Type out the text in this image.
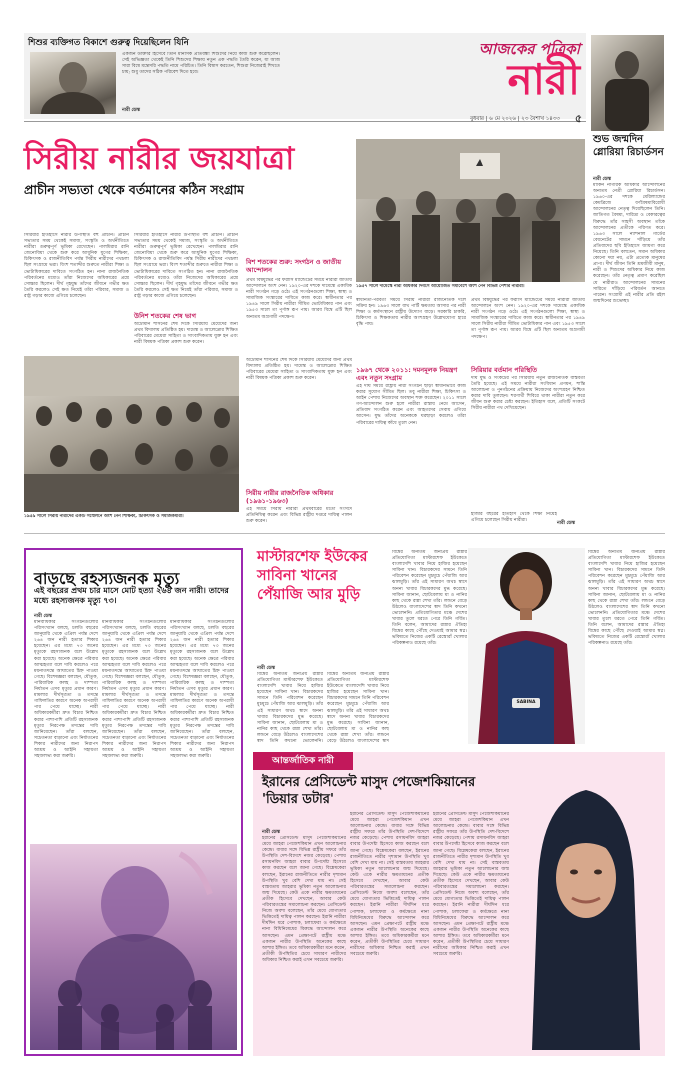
শিশুর ব্যক্তিগত বিকাশে গুরুত্ব দিয়েছিলেন যিনি
একজন ডাক্তার হিসেবে তিনি মানসিক প্রতিবন্ধী শিশুদের নিয়ে কাজ শুরু করেছিলেন। সেই অভিজ্ঞতা থেকেই তিনি শিশুদের শিক্ষায় নতুন এক পদ্ধতি তৈরি করেন, যা আজ সারা বিশ্বে মন্তেসরি পদ্ধতি নামে পরিচিত। তিনি বিশ্বাস করতেন, শিশুরা নিজেরাই শিখতে চায়; শুধু তাদের সঠিক পরিবেশ দিতে হবে।
নারী ডেস্ক
আজকের পত্রিকা
নারী
বুধবার | ৬ মে ২০২৬ | ২৩ বৈশাখ ১৪৩৩	৫
সিরীয় নারীর জয়যাত্রা
প্রাচীন সভ্যতা থেকে বর্তমানের কঠিন সংগ্রাম
১৯৫৭ সালে দামেস্কে নারী অধিকার দিবসে আয়োজিত সমাবেশে অংশ নেন বিভিন্ন পেশার নারীরা।
শুভ জন্মদিন গ্লোরিয়া রিচার্ডসন
নারী ডেস্ক
মার্কিন নাগরিক অধিকার আন্দোলনের অন্যতম নেত্রী গ্লোরিয়া রিচার্ডসন। ১৯৬০-এর দশকে মেরিল্যান্ডের কেমব্রিজে বর্ণবৈষম্যবিরোধী আন্দোলনের নেতৃত্ব দিয়েছিলেন তিনি। জাতিগত বৈষম্য, দারিদ্র্য ও বেকারত্বের বিরুদ্ধে তাঁর সাহসী অবস্থান তাঁকে আন্দোলনের প্রতীকে পরিণত করে। ১৯৬৩ সালে ন্যাশনাল গার্ডের বেয়নেটের সামনে দাঁড়িয়ে তাঁর প্রতিবাদের ছবি ইতিহাসে জায়গা করে নিয়েছে। তিনি বলতেন, সমান অধিকার কোনো দয়া নয়, এটা প্রত্যেক মানুষের প্রাপ্য। দীর্ঘ জীবন তিনি শ্রমজীবী মানুষ, নারী ও শিশুদের অধিকার নিয়ে কাজ করেছেন। তাঁর নেতৃত্ব প্রমাণ করেছিল যে নারীরাও আন্দোলনের সামনের সারিতে দাঁড়িয়ে পরিবর্তন আনতে পারেন। সংগ্রামী এই নারীর প্রতি রইল জন্মদিনের শুভেচ্ছা।
সিরিয়ার ইতিহাসে নারীর উপস্থিতি বহু প্রাচীন। প্রাচীন সভ্যতার সময় থেকেই সমাজ, সংস্কৃতি ও অর্থনীতিতে নারীরা গুরুত্বপূর্ণ ভূমিকা রেখেছেন। পালমিরার রানি জেনোবিয়া থেকে শুরু করে আধুনিক যুগের শিক্ষিকা, চিকিৎসক ও রাজনীতিবিদ পর্যন্ত সিরীয় নারীদের পথচলা ছিল সংগ্রামে ভরা। বিংশ শতাব্দীর শুরুতে নারীরা শিক্ষা ও ভোটাধিকারের দাবিতে সংগঠিত হন। নানা রাজনৈতিক পরিবর্তনের মধ্যেও তাঁরা নিজেদের অধিকারের প্রশ্নে সোচ্চার ছিলেন। দীর্ঘ গৃহযুদ্ধ তাঁদের জীবনে গভীর ক্ষত তৈরি করলেও সেই ক্ষত নিয়েই তাঁরা পরিবার, সমাজ ও রাষ্ট্র গড়ার কাজে এগিয়ে চলেছেন।
সিরিয়ার ইতিহাসে নারীর উপস্থিতি বহু প্রাচীন। প্রাচীন সভ্যতার সময় থেকেই সমাজ, সংস্কৃতি ও অর্থনীতিতে নারীরা গুরুত্বপূর্ণ ভূমিকা রেখেছেন। পালমিরার রানি জেনোবিয়া থেকে শুরু করে আধুনিক যুগের শিক্ষিকা, চিকিৎসক ও রাজনীতিবিদ পর্যন্ত সিরীয় নারীদের পথচলা ছিল সংগ্রামে ভরা। বিংশ শতাব্দীর শুরুতে নারীরা শিক্ষা ও ভোটাধিকারের দাবিতে সংগঠিত হন। নানা রাজনৈতিক পরিবর্তনের মধ্যেও তাঁরা নিজেদের অধিকারের প্রশ্নে সোচ্চার ছিলেন। দীর্ঘ গৃহযুদ্ধ তাঁদের জীবনে গভীর ক্ষত তৈরি করলেও সেই ক্ষত নিয়েই তাঁরা পরিবার, সমাজ ও রাষ্ট্র গড়ার কাজে এগিয়ে চলেছেন।
উনিশ শতকের শেষ ভাগ
অটোমান শাসনের শেষ দিকে সিরিয়ায় মেয়েদের জন্য প্রথম বিদ্যালয় প্রতিষ্ঠিত হয়। দামেস্ক ও আলেপ্পোর শিক্ষিত পরিবারের মেয়েরা সাহিত্য ও সাংবাদিকতায় যুক্ত হন এবং নারী বিষয়ক পত্রিকা প্রকাশ শুরু করেন।
বিশ শতকের শুরু: সংগঠন ও জাতীয় আন্দোলন
প্রথম বিশ্বযুদ্ধের পর ফরাসি ম্যান্ডেটের সময়ে নারীরা জাতীয় আন্দোলনে অংশ নেন। ১৯২০-এর দশকে দামেস্কে একাধিক নারী সংগঠন গড়ে ওঠে। এই সংগঠনগুলো শিক্ষা, স্বাস্থ্য ও সামাজিক সংস্কারের দাবিতে কাজ করে। স্বাধীনতার পর ১৯৪৯ সালে সিরীয় নারীরা সীমিত ভোটাধিকার পান এবং ১৯৫৩ সালে তা পূর্ণাঙ্গ রূপ পায়। আরব বিশ্বে এটি ছিল অন্যতম অগ্রগামী পদক্ষেপ।
১৯৫৯ সালে সিরীয় নারীদের একটি সম্মেলনে অংশ নেন শিক্ষিকা, চিকিৎসক ও সমাজকর্মীরা।
অটোমান শাসনের শেষ দিকে সিরিয়ায় মেয়েদের জন্য প্রথম বিদ্যালয় প্রতিষ্ঠিত হয়। দামেস্ক ও আলেপ্পোর শিক্ষিত পরিবারের মেয়েরা সাহিত্য ও সাংবাদিকতায় যুক্ত হন এবং নারী বিষয়ক পত্রিকা প্রকাশ শুরু করেন।
সিরীয় নারীর রাজনৈতিক অধিকার (১৯৬১-১৯৬৩)
এই সময়ে সিরীয় নারীরা প্রথমবারের মতো সংসদে প্রতিনিধিত্ব করেন এবং বিভিন্ন রাষ্ট্রীয় দপ্তরে দায়িত্ব পালন শুরু করেন।
স্বাধীনতা-পরবর্তী সময়ে সিরীয় নারীরা রাজনৈতিক দলে সক্রিয় হন। ১৯৬৩ সালে বাথ পার্টি ক্ষমতায় আসার পর নারী শিক্ষা ও কর্মসংস্থানে রাষ্ট্রীয় উদ্যোগ বাড়ে। সরকারি চাকরি, চিকিৎসা ও শিক্ষকতায় নারীর অংশগ্রহণ উল্লেখযোগ্য হারে বৃদ্ধি পায়।
১৯৬৭ থেকে ২০১১: দমনমূলক নিয়ন্ত্রণ এবং নতুন সংগ্রাম
এই দীর্ঘ সময়ে রাষ্ট্রীয় নারী সংগঠন ছাড়া স্বাধীনভাবে কাজ করার সুযোগ সীমিত ছিল। তবু নারীরা শিক্ষা, চিকিৎসা ও আইন পেশায় নিজেদের অবস্থান শক্ত করেছেন। ২০১১ সালে গণ-আন্দোলন শুরু হলে নারীরা রাস্তায় নেমে আসেন, প্রতিবাদ সংগঠিত করেন এবং আহতদের সেবায় এগিয়ে আসেন। যুদ্ধ তাঁদের অনেককে ঘরছাড়া করলেও তাঁরা পরিবারের দায়িত্ব কাঁধে তুলে নেন।
প্রথম বিশ্বযুদ্ধের পর ফরাসি ম্যান্ডেটের সময়ে নারীরা জাতীয় আন্দোলনে অংশ নেন। ১৯২০-এর দশকে দামেস্কে একাধিক নারী সংগঠন গড়ে ওঠে। এই সংগঠনগুলো শিক্ষা, স্বাস্থ্য ও সামাজিক সংস্কারের দাবিতে কাজ করে। স্বাধীনতার পর ১৯৪৯ সালে সিরীয় নারীরা সীমিত ভোটাধিকার পান এবং ১৯৫৩ সালে তা পূর্ণাঙ্গ রূপ পায়। আরব বিশ্বে এটি ছিল অন্যতম অগ্রগামী পদক্ষেপ।
সিরিয়ার বর্তমান পরিস্থিতি
দীর্ঘ যুদ্ধ ও সংকটের পর সিরিয়ায় নতুন রাজনৈতিক বাস্তবতা তৈরি হয়েছে। এই সময়ে নারীরা সংবিধান প্রণয়ন, শান্তি আলোচনা ও পুনর্গঠনের প্রক্রিয়ায় নিজেদের অংশগ্রহণ নিশ্চিত করার দাবি তুলছেন। শরণার্থী শিবিরে থাকা নারীরা নতুন করে জীবন শুরু করার চেষ্টা করছেন। ইতিহাস বলে, প্রতিটি সংকটে সিরীয় নারীরা পথ দেখিয়েছেন।
হাজার বছরের ইতিহাস থেকে শিক্ষা নিয়েই এগিয়ে চলেছেন সিরীয় নারীরা।
নারী ডেস্ক
বাড়ছে রহস্যজনক মৃত্যু
এই বছরের প্রথম চার মাসে মোট হত্যা ২৬৪ জন নারী। তাদের মধ্যে রহস্যজনক মৃত্যু ৭৩।
নারী ডেস্ক
মানবাধিকার সংগঠনগুলোর পরিসংখ্যান বলছে, চলতি বছরের জানুয়ারি থেকে এপ্রিল পর্যন্ত দেশে ২৬৪ জন নারী হত্যার শিকার হয়েছেন। এর মধ্যে ৭৩ জনের মৃত্যুকে রহস্যজনক বলে উল্লেখ করা হয়েছে। অনেক ক্ষেত্রে পরিবার আত্মহত্যা বলে দাবি করলেও পরে ময়নাতদন্তে আঘাতের চিহ্ন পাওয়া গেছে। বিশেষজ্ঞরা বলছেন, যৌতুক, পারিবারিক কলহ ও দাম্পত্য নির্যাতন এসব মৃত্যুর প্রধান কারণ। মামলার দীর্ঘসূত্রতা ও তদন্তে গাফিলতির কারণে অনেক অপরাধী পার পেয়ে যাচ্ছে। নারী অধিকারকর্মীরা দ্রুত বিচার নিশ্চিত করার পাশাপাশি প্রতিটি রহস্যজনক মৃত্যুর নিরপেক্ষ তদন্তের দাবি জানিয়েছেন। তাঁরা বলছেন, সচেতনতা বাড়ানো এবং নির্যাতনের শিকার নারীদের জন্য নিরাপদ আশ্রয় ও আইনি সহায়তা সহজলভ্য করা জরুরি।
মানবাধিকার সংগঠনগুলোর পরিসংখ্যান বলছে, চলতি বছরের জানুয়ারি থেকে এপ্রিল পর্যন্ত দেশে ২৬৪ জন নারী হত্যার শিকার হয়েছেন। এর মধ্যে ৭৩ জনের মৃত্যুকে রহস্যজনক বলে উল্লেখ করা হয়েছে। অনেক ক্ষেত্রে পরিবার আত্মহত্যা বলে দাবি করলেও পরে ময়নাতদন্তে আঘাতের চিহ্ন পাওয়া গেছে। বিশেষজ্ঞরা বলছেন, যৌতুক, পারিবারিক কলহ ও দাম্পত্য নির্যাতন এসব মৃত্যুর প্রধান কারণ। মামলার দীর্ঘসূত্রতা ও তদন্তে গাফিলতির কারণে অনেক অপরাধী পার পেয়ে যাচ্ছে। নারী অধিকারকর্মীরা দ্রুত বিচার নিশ্চিত করার পাশাপাশি প্রতিটি রহস্যজনক মৃত্যুর নিরপেক্ষ তদন্তের দাবি জানিয়েছেন। তাঁরা বলছেন, সচেতনতা বাড়ানো এবং নির্যাতনের শিকার নারীদের জন্য নিরাপদ আশ্রয় ও আইনি সহায়তা সহজলভ্য করা জরুরি।
মানবাধিকার সংগঠনগুলোর পরিসংখ্যান বলছে, চলতি বছরের জানুয়ারি থেকে এপ্রিল পর্যন্ত দেশে ২৬৪ জন নারী হত্যার শিকার হয়েছেন। এর মধ্যে ৭৩ জনের মৃত্যুকে রহস্যজনক বলে উল্লেখ করা হয়েছে। অনেক ক্ষেত্রে পরিবার আত্মহত্যা বলে দাবি করলেও পরে ময়নাতদন্তে আঘাতের চিহ্ন পাওয়া গেছে। বিশেষজ্ঞরা বলছেন, যৌতুক, পারিবারিক কলহ ও দাম্পত্য নির্যাতন এসব মৃত্যুর প্রধান কারণ। মামলার দীর্ঘসূত্রতা ও তদন্তে গাফিলতির কারণে অনেক অপরাধী পার পেয়ে যাচ্ছে। নারী অধিকারকর্মীরা দ্রুত বিচার নিশ্চিত করার পাশাপাশি প্রতিটি রহস্যজনক মৃত্যুর নিরপেক্ষ তদন্তের দাবি জানিয়েছেন। তাঁরা বলছেন, সচেতনতা বাড়ানো এবং নির্যাতনের শিকার নারীদের জন্য নিরাপদ আশ্রয় ও আইনি সহায়তা সহজলভ্য করা জরুরি।
মাস্টারশেফ ইউকের সাবিনা খানের পেঁয়াজি আর মুড়ি
নারী ডেস্ক
বিশ্বের অন্যতম জনপ্রিয় রান্নার প্রতিযোগিতা মাস্টারশেফ ইউকেতে বাংলাদেশি খাবার নিয়ে হাজির হয়েছেন সাবিনা খান। বিচারকদের সামনে তিনি পরিবেশন করেছেন মুচমুচে পেঁয়াজি আর ঝালমুড়ি। তাঁর এই সাধারণ অথচ স্বাদে অনন্য খাবার বিচারকদের মুগ্ধ করেছে। সাবিনা জানান, ছোটবেলায় মা ও নানির কাছ থেকে রান্না শেখা তাঁর। লন্ডনে বেড়ে উঠলেও বাংলাদেশের স্বাদ তিনি কখনো ভোলেননি।
বিশ্বের অন্যতম জনপ্রিয় রান্নার প্রতিযোগিতা মাস্টারশেফ ইউকেতে বাংলাদেশি খাবার নিয়ে হাজির হয়েছেন সাবিনা খান। বিচারকদের সামনে তিনি পরিবেশন করেছেন মুচমুচে পেঁয়াজি আর ঝালমুড়ি। তাঁর এই সাধারণ অথচ স্বাদে অনন্য খাবার বিচারকদের মুগ্ধ করেছে। সাবিনা জানান, ছোটবেলায় মা ও নানির কাছ থেকে রান্না শেখা তাঁর। লন্ডনে বেড়ে উঠলেও বাংলাদেশের স্বাদ
বিশ্বের অন্যতম জনপ্রিয় রান্নার প্রতিযোগিতা মাস্টারশেফ ইউকেতে বাংলাদেশি খাবার নিয়ে হাজির হয়েছেন সাবিনা খান। বিচারকদের সামনে তিনি পরিবেশন করেছেন মুচমুচে পেঁয়াজি আর ঝালমুড়ি। তাঁর এই সাধারণ অথচ স্বাদে অনন্য খাবার বিচারকদের মুগ্ধ করেছে। সাবিনা জানান, ছোটবেলায় মা ও নানির কাছ থেকে রান্না শেখা তাঁর। লন্ডনে বেড়ে উঠলেও বাংলাদেশের স্বাদ তিনি কখনো ভোলেননি। প্রতিযোগিতার মঞ্চে দেশের খাবার তুলে ধরতে পেরে তিনি গর্বিত। তিনি বলেন, আমাদের রান্নার ঐতিহ্য বিশ্বের কাছে পৌঁছে দেওয়াই আমার স্বপ্ন। ভবিষ্যতে নিজের একটি রেস্তোরাঁ খোলার পরিকল্পনাও রয়েছে তাঁর।
SABINA
বিশ্বের অন্যতম জনপ্রিয় রান্নার প্রতিযোগিতা মাস্টারশেফ ইউকেতে বাংলাদেশি খাবার নিয়ে হাজির হয়েছেন সাবিনা খান। বিচারকদের সামনে তিনি পরিবেশন করেছেন মুচমুচে পেঁয়াজি আর ঝালমুড়ি। তাঁর এই সাধারণ অথচ স্বাদে অনন্য খাবার বিচারকদের মুগ্ধ করেছে। সাবিনা জানান, ছোটবেলায় মা ও নানির কাছ থেকে রান্না শেখা তাঁর। লন্ডনে বেড়ে উঠলেও বাংলাদেশের স্বাদ তিনি কখনো ভোলেননি। প্রতিযোগিতার মঞ্চে দেশের খাবার তুলে ধরতে পেরে তিনি গর্বিত। তিনি বলেন, আমাদের রান্নার ঐতিহ্য বিশ্বের কাছে পৌঁছে দেওয়াই আমার স্বপ্ন। ভবিষ্যতে নিজের একটি রেস্তোরাঁ খোলার পরিকল্পনাও রয়েছে তাঁর।
আন্তর্জাতিক নারী
ইরানের প্রেসিডেন্ট মাসুদ পেজেশকিয়ানের 'ডিয়ার ডটার'
নারী ডেস্ক
ইরানের প্রেসিডেন্ট মাসুদ পেজেশকিয়ানের মেয়ে জাহরা পেজেশকিয়ান এখন আলোচনার কেন্দ্রে। বাবার সঙ্গে বিভিন্ন রাষ্ট্রীয় সফরে তাঁর উপস্থিতি দেশ-বিদেশে নজর কেড়েছে। পেশায় রসায়নবিদ জাহরা বাবার উপদেষ্টা হিসেবে কাজ করছেন বলে জানা গেছে। বিশ্লেষকেরা বলছেন, ইরানের রাজনীতিতে নারীর দৃশ্যমান উপস্থিতি খুব বেশি দেখা যায় না। সেই বাস্তবতায় জাহরার ভূমিকা নতুন আলোচনার জন্ম দিয়েছে। কেউ একে নারীর ক্ষমতায়নের প্রতীক হিসেবে দেখছেন, আবার কেউ পরিবারতন্ত্রের সমালোচনা করছেন। প্রেসিডেন্ট নিজে অবশ্য বলেছেন, তাঁর মেয়ে যোগ্যতার ভিত্তিতেই দায়িত্ব পালন করছেন। ইরানি নারীরা দীর্ঘদিন ধরে পোশাক, চলাফেরা ও কর্মক্ষেত্রে নানা বিধিনিষেধের বিরুদ্ধে আন্দোলন করে আসছেন। এমন প্রেক্ষাপটে রাষ্ট্রীয় মঞ্চে একজন নারীর উপস্থিতি অনেকের কাছে আশার ইঙ্গিত। তবে অধিকারকর্মীরা মনে করেন, প্রতীকী উপস্থিতির চেয়ে সাধারণ নারীদের অধিকার নিশ্চিত করাই এখন সবচেয়ে জরুরি।
ইরানের প্রেসিডেন্ট মাসুদ পেজেশকিয়ানের মেয়ে জাহরা পেজেশকিয়ান এখন আলোচনার কেন্দ্রে। বাবার সঙ্গে বিভিন্ন রাষ্ট্রীয় সফরে তাঁর উপস্থিতি দেশ-বিদেশে নজর কেড়েছে। পেশায় রসায়নবিদ জাহরা বাবার উপদেষ্টা হিসেবে কাজ করছেন বলে জানা গেছে। বিশ্লেষকেরা বলছেন, ইরানের রাজনীতিতে নারীর দৃশ্যমান উপস্থিতি খুব বেশি দেখা যায় না। সেই বাস্তবতায় জাহরার ভূমিকা নতুন আলোচনার জন্ম দিয়েছে। কেউ একে নারীর ক্ষমতায়নের প্রতীক হিসেবে দেখছেন, আবার কেউ পরিবারতন্ত্রের সমালোচনা করছেন। প্রেসিডেন্ট নিজে অবশ্য বলেছেন, তাঁর মেয়ে যোগ্যতার ভিত্তিতেই দায়িত্ব পালন করছেন। ইরানি নারীরা দীর্ঘদিন ধরে পোশাক, চলাফেরা ও কর্মক্ষেত্রে নানা বিধিনিষেধের বিরুদ্ধে আন্দোলন করে আসছেন। এমন প্রেক্ষাপটে রাষ্ট্রীয় মঞ্চে একজন নারীর উপস্থিতি অনেকের কাছে আশার ইঙ্গিত। তবে অধিকারকর্মীরা মনে করেন, প্রতীকী উপস্থিতির চেয়ে সাধারণ নারীদের অধিকার নিশ্চিত করাই এখন সবচেয়ে জরুরি।
ইরানের প্রেসিডেন্ট মাসুদ পেজেশকিয়ানের মেয়ে জাহরা পেজেশকিয়ান এখন আলোচনার কেন্দ্রে। বাবার সঙ্গে বিভিন্ন রাষ্ট্রীয় সফরে তাঁর উপস্থিতি দেশ-বিদেশে নজর কেড়েছে। পেশায় রসায়নবিদ জাহরা বাবার উপদেষ্টা হিসেবে কাজ করছেন বলে জানা গেছে। বিশ্লেষকেরা বলছেন, ইরানের রাজনীতিতে নারীর দৃশ্যমান উপস্থিতি খুব বেশি দেখা যায় না। সেই বাস্তবতায় জাহরার ভূমিকা নতুন আলোচনার জন্ম দিয়েছে। কেউ একে নারীর ক্ষমতায়নের প্রতীক হিসেবে দেখছেন, আবার কেউ পরিবারতন্ত্রের সমালোচনা করছেন। প্রেসিডেন্ট নিজে অবশ্য বলেছেন, তাঁর মেয়ে যোগ্যতার ভিত্তিতেই দায়িত্ব পালন করছেন। ইরানি নারীরা দীর্ঘদিন ধরে পোশাক, চলাফেরা ও কর্মক্ষেত্রে নানা বিধিনিষেধের বিরুদ্ধে আন্দোলন করে আসছেন। এমন প্রেক্ষাপটে রাষ্ট্রীয় মঞ্চে একজন নারীর উপস্থিতি অনেকের কাছে আশার ইঙ্গিত। তবে অধিকারকর্মীরা মনে করেন, প্রতীকী উপস্থিতির চেয়ে সাধারণ নারীদের অধিকার নিশ্চিত করাই এখন সবচেয়ে জরুরি।
